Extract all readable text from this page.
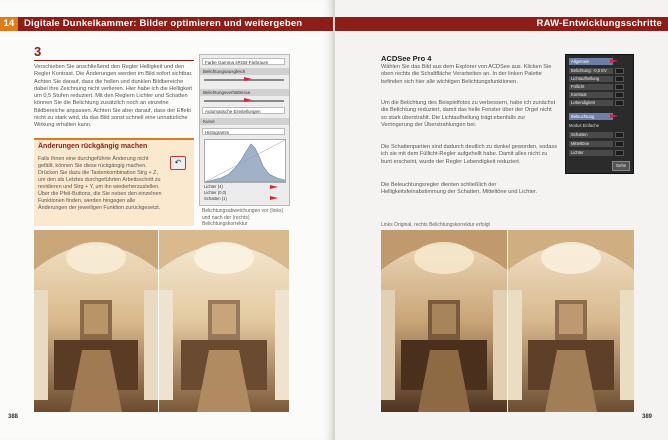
14 Digitale Dunkelkammer: Bilder optimieren und weitergeben
3
Verschieben Sie anschließend den Regler Helligkeit und den Regler Kontrast. Die Änderungen werden im Bild sofort sichtbar. Achten Sie darauf, dass die hellen und dunklen Bildbereiche dabei ihre Zeichnung nicht verlieren. Hier habe ich die Helligkeit um 0,5 Stufen reduziert. Mit den Reglern Lichter und Schatten können Sie die Belichtung zusätzlich noch an einzelne Bildbereiche anpassen. Achten Sie aber darauf, dass der Effekt nicht zu stark wird, da das Bild sonst schnell eine unnatürliche Wirkung erhalten kann.
Änderungen rückgängig machen
Falls Ihnen eine durchgeführte Änderung nicht gefällt, können Sie diese rückgängig machen. Drücken Sie dazu die Tastenkombination Strg + Z, um den als Letztes durchgeführten Arbeitsschritt zu revidieren und Strg + Y, um ihn wiederherzustellen. Über die Pfeil-Buttons, die Sie neben den einzelnen Funktionen finden, werden hingegen alle Änderungen der jeweiligen Funktion zurückgesetzt.
↶
Farbe Gamma sRGB-Farbraum
Belichtungsausgleich
Belichtungsverhältnisse
Automatische Einstellungen
Kurve
Histogramm
Lichter (4)
Lichter (0,0)
Schatten (1)
Belichtungsabweichungen vor (links) und nach der (rechts) Belichtungskorrektur
388
RAW-Entwicklungsschritte
ACDSee Pro 4
Wählen Sie das Bild aus dem Explorer von ACDSee aus. Klicken Sie oben rechts die Schaltfläche Verarbeiten an. In der linken Palette befinden sich hier alle wichtigen Belichtungsfunktionen.
Um die Belichtung des Beispielfotos zu verbessern, habe ich zunächst die Belichtung reduziert, damit das helle Fenster über der Orgel nicht so stark überstrahlt. Die Lichtaufhellung trägt ebenfalls zur Verringerung der Überstrahlungen bei.
Die Schattenpartien sind dadurch deutlich zu dunkel geworden, sodass ich sie mit dem Füllicht-Regler aufgehellt habe. Damit alles nicht zu bunt erscheint, wurde der Regler Lebendigkeit reduziert.
Die Beleuchtungsregler dienten schließlich der Helligkeitsfeinabstimmung der Schatten, Mitteltöne und Lichter.
Allgemein
Belichtung: -0,5 EV
Lichtaufhellung
Füllicht
Kontrast
Lebendigkeit
Beleuchtung
Modus Einfache
Schatten
Mitteltöne
Lichter
Gehe
Links Original, rechts Belichtungskorrektur erfolgt
389
